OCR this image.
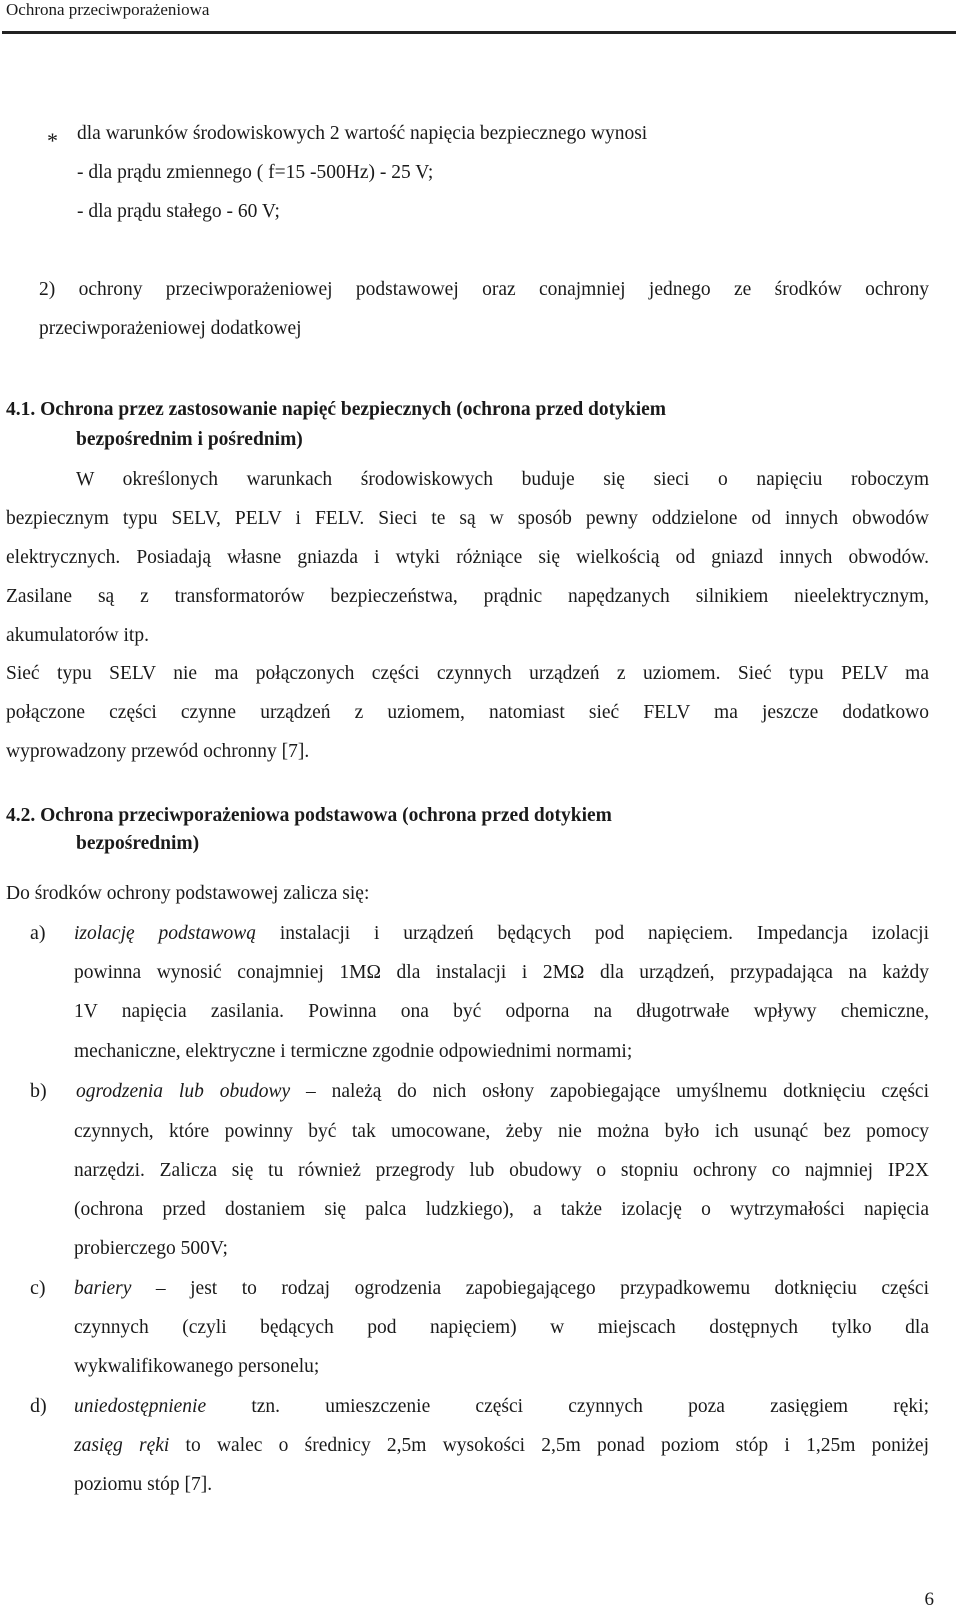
Ochrona przeciwporażeniowa
* dla warunków środowiskowych 2 wartość napięcia bezpiecznego wynosi
- dla prądu zmiennego ( f=15 -500Hz) - 25 V;
- dla prądu stałego - 60 V;
2) ochrony przeciwporażeniowej podstawowej oraz conajmniej jednego ze środków ochrony
przeciwporażeniowej dodatkowej
4.1. Ochrona przez zastosowanie napięć bezpiecznych (ochrona przed dotykiem
bezpośrednim i pośrednim)
W określonych warunkach środowiskowych buduje się sieci o napięciu roboczym
bezpiecznym typu SELV, PELV i FELV. Sieci te są w sposób pewny oddzielone od innych obwodów
elektrycznych. Posiadają własne gniazda i wtyki różniące się wielkością od gniazd innych obwodów.
Zasilane są z transformatorów bezpieczeństwa, prądnic napędzanych silnikiem nieelektrycznym,
akumulatorów itp.
Sieć typu SELV nie ma połączonych części czynnych urządzeń z uziomem. Sieć typu PELV ma
połączone części czynne urządzeń z uziomem, natomiast sieć FELV ma jeszcze dodatkowo
wyprowadzony przewód ochronny [7].
4.2. Ochrona przeciwporażeniowa podstawowa (ochrona przed dotykiem
bezpośrednim)
Do środków ochrony podstawowej zalicza się:
a) izolację podstawową instalacji i urządzeń będących pod napięciem. Impedancja izolacji
powinna wynosić conajmniej 1MΩ dla instalacji i 2MΩ dla urządzeń, przypadająca na każdy
1V napięcia zasilania. Powinna ona być odporna na długotrwałe wpływy chemiczne,
mechaniczne, elektryczne i termiczne zgodnie odpowiednimi normami;
b) ogrodzenia lub obudowy – należą do nich osłony zapobiegające umyślnemu dotknięciu części
czynnych, które powinny być tak umocowane, żeby nie można było ich usunąć bez pomocy
narzędzi. Zalicza się tu również przegrody lub obudowy o stopniu ochrony co najmniej IP2X
(ochrona przed dostaniem się palca ludzkiego), a także izolację o wytrzymałości napięcia
probierczego 500V;
c) bariery – jest to rodzaj ogrodzenia zapobiegającego przypadkowemu dotknięciu części
czynnych (czyli będących pod napięciem) w miejscach dostępnych tylko dla
wykwalifikowanego personelu;
d) uniedostępnienie tzn. umieszczenie części czynnych poza zasięgiem ręki;
zasięg ręki to walec o średnicy 2,5m wysokości 2,5m ponad poziom stóp i 1,25m poniżej
poziomu stóp [7].
6
